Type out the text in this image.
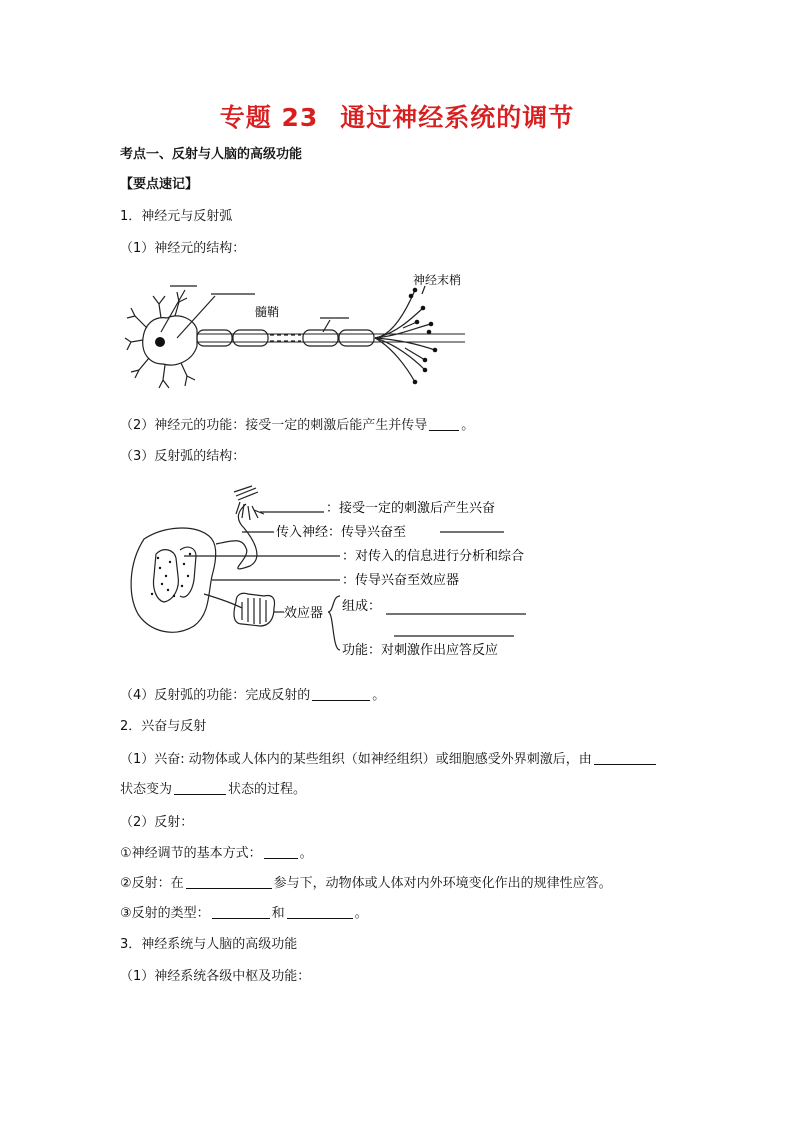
专题 23 通过神经系统的调节
考点一、反射与人脑的高级功能
【要点速记】
1．神经元与反射弧
（1）神经元的结构：
髓鞘
神经末梢
（2）神经元的功能：接受一定的刺激后能产生并传导	。
（3）反射弧的结构：
：接受一定的刺激后产生兴奋
传入神经：传导兴奋至
：对传入的信息进行分析和综合
：传导兴奋至效应器
效应器 组成：
功能：对刺激作出应答反应
（4）反射弧的功能：完成反射的	。
2．兴奋与反射
（1）兴奋: 动物体或人体内的某些组织（如神经组织）或细胞感受外界刺激后，由
状态变为	状态的过程。
（2）反射：
①神经调节的基本方式：	。
②反射：在	参与下，动物体或人体对内外环境变化作出的规律性应答。
③反射的类型：	和	。
3．神经系统与人脑的高级功能
（1）神经系统各级中枢及功能：
